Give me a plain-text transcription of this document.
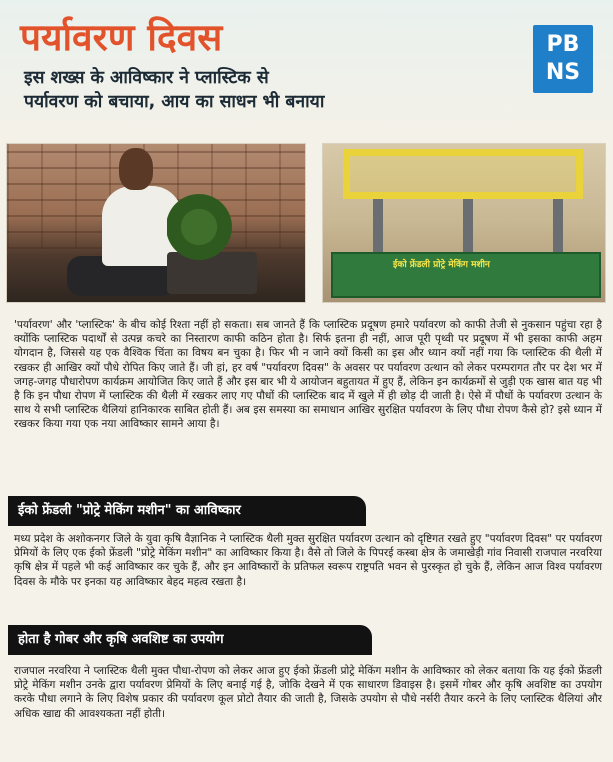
पर्यावरण दिवस	PB
NS
इस शख्स के आविष्कार ने प्लास्टिक से
पर्यावरण को बचाया, आय का साधन भी बनाया
ईको फ्रेंडली प्रोट्रे मेकिंग मशीन

'पर्यावरण' और 'प्लास्टिक' के बीच कोई रिश्ता नहीं हो सकता। सब जानते हैं कि प्लास्टिक प्रदूषण हमारे पर्यावरण को काफी तेजी से नुकसान पहुंचा रहा है क्योंकि प्लास्टिक पदार्थों से उत्पन्न कचरे का निस्तारण काफी कठिन होता है। सिर्फ इतना ही नहीं, आज पूरी पृथ्वी पर प्रदूषण में भी इसका काफी अहम योगदान है, जिससे यह एक वैश्विक चिंता का विषय बन चुका है। फिर भी न जाने क्यों किसी का इस और ध्यान क्यों नहीं गया कि प्लास्टिक की थैली में रखकर ही आखिर क्यों पौधे रोपित किए जाते हैं। जी हां, हर वर्ष "पर्यावरण दिवस" के अवसर पर पर्यावरण उत्थान को लेकर परम्परागत तौर पर देश भर में जगह-जगह पौधारोपण कार्यक्रम आयोजित किए जाते हैं और इस बार भी ये आयोजन बहुतायत में हुए हैं, लेकिन इन कार्यक्रमों से जुड़ी एक खास बात यह भी है कि इन पौधा रोपण में प्लास्टिक की थैली में रखकर लाए गए पौधों की प्लास्टिक बाद में खुले में ही छोड़ दी जाती है। ऐसे में पौधों के पर्यावरण उत्थान के साथ ये सभी प्लास्टिक थैलियां हानिकारक साबित होती हैं। अब इस समस्या का समाधान आखिर सुरक्षित पर्यावरण के लिए पौधा रोपण कैसे हो? इसे ध्यान में रखकर किया गया एक नया आविष्कार सामने आया है।

ईको फ्रेंडली "प्रोट्रे मेकिंग मशीन" का आविष्कार

मध्य प्रदेश के अशोकनगर जिले के युवा कृषि वैज्ञानिक ने प्लास्टिक थैली मुक्त सुरक्षित पर्यावरण उत्थान को दृष्टिगत रखते हुए "पर्यावरण दिवस" पर पर्यावरण प्रेमियों के लिए एक ईको फ्रेंडली "प्रोट्रे मेकिंग मशीन" का आविष्कार किया है। वैसे तो जिले के पिपरई कस्बा क्षेत्र के जमाखेड़ी गांव निवासी राजपाल नरवरिया कृषि क्षेत्र में पहले भी कई आविष्कार कर चुके हैं, और इन आविष्कारों के प्रतिफल स्वरूप राष्ट्रपति भवन से पुरस्कृत हो चुके हैं, लेकिन आज विश्व पर्यावरण दिवस के मौके पर इनका यह आविष्कार बेहद महत्व रखता है।

होता है गोबर और कृषि अवशिष्ट का उपयोग

राजपाल नरवरिया ने प्लास्टिक थैली मुक्त पौधा-रोपण को लेकर आज हुए ईको फ्रेंडली प्रोट्रे मेकिंग मशीन के आविष्कार को लेकर बताया कि यह ईको फ्रेंडली प्रोट्रे मेकिंग मशीन उनके द्वारा पर्यावरण प्रेमियों के लिए बनाई गई है, जोकि देखने में एक साधारण डिवाइस है। इसमें गोबर और कृषि अवशिष्ट का उपयोग करके पौधा लगाने के लिए विशेष प्रकार की पर्यावरण कूल प्रोटो तैयार की जाती है, जिसके उपयोग से पौधे नर्सरी तैयार करने के लिए प्लास्टिक थैलियां और अधिक खाद्य की आवश्यकता नहीं होती।
